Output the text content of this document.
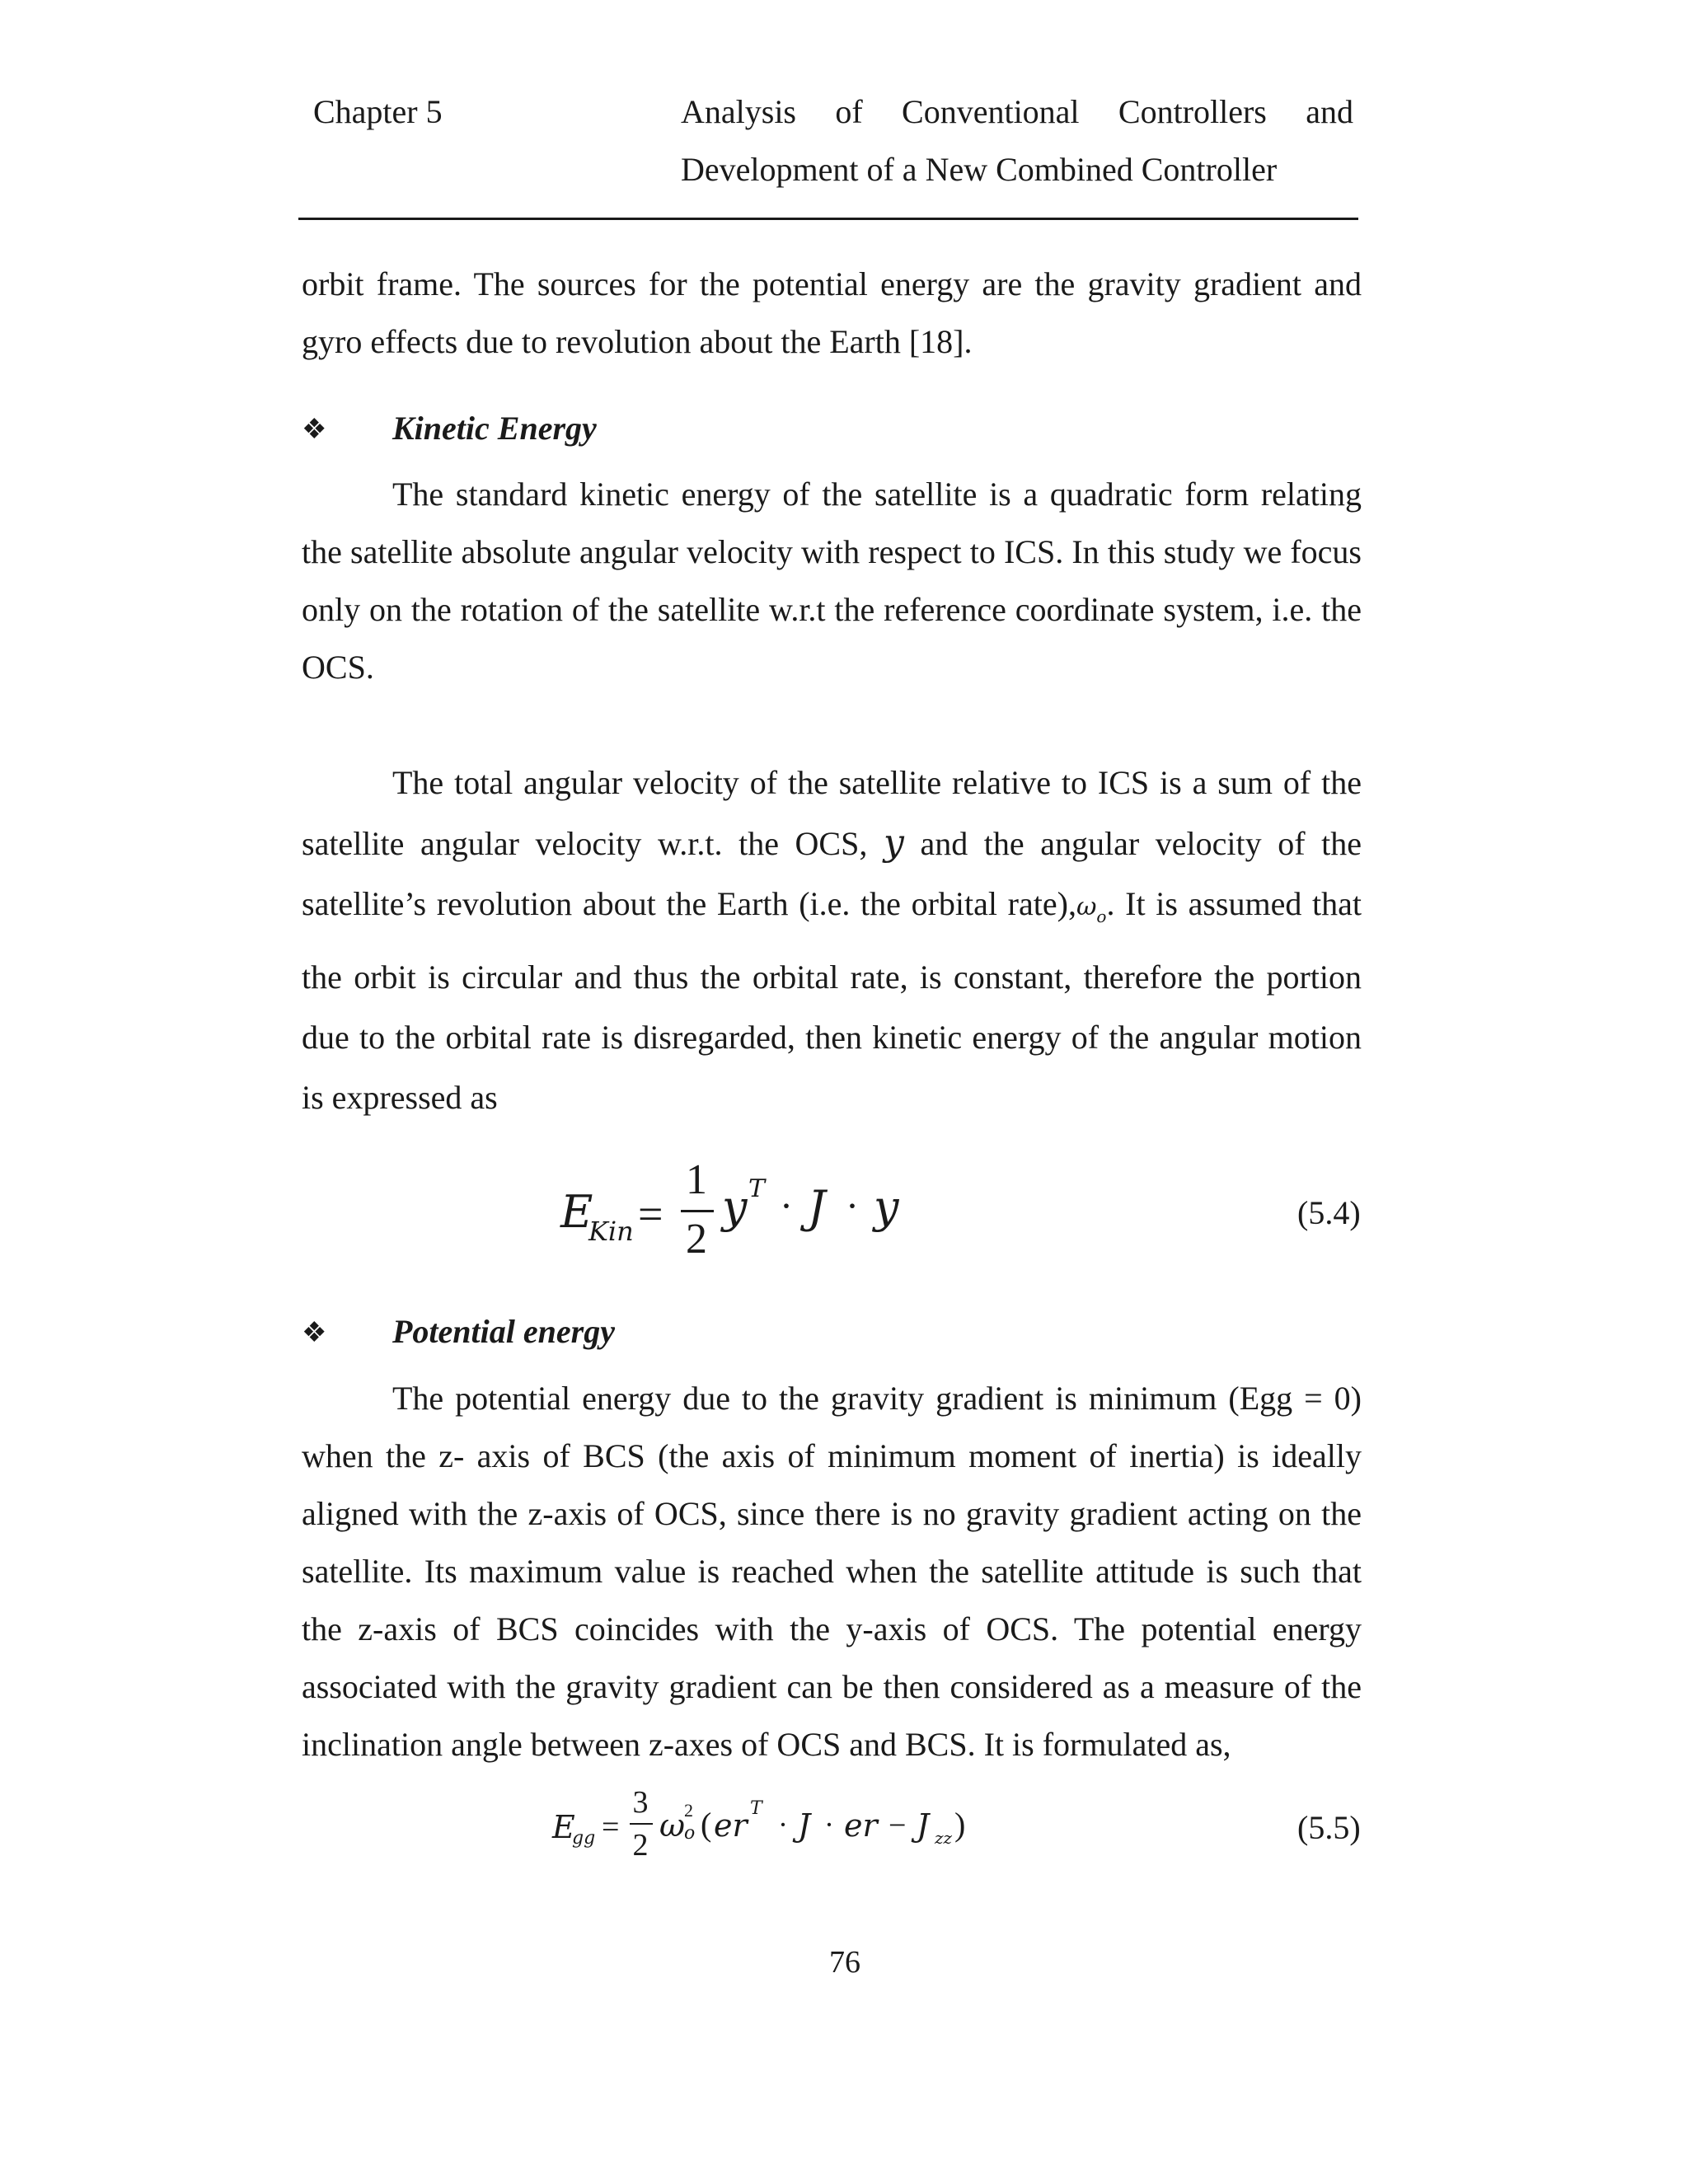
Chapter 5	Analysis of Conventional Controllers and
Development of a New Combined Controller

orbit frame. The sources for the potential energy are the gravity gradient and gyro effects due to revolution about the Earth [18].

❖ Kinetic Energy

The standard kinetic energy of the satellite is a quadratic form relating the satellite absolute angular velocity with respect to ICS. In this study we focus only on the rotation of the satellite w.r.t the reference coordinate system, i.e. the OCS.

The total angular velocity of the satellite relative to ICS is a sum of the satellite angular velocity w.r.t. the OCS, y and the angular velocity of the satellite’s revolution about the Earth (i.e. the orbital $rate),\omega_o$. It is assumed that the orbit is circular and thus the orbital rate, is constant, therefore the portion due to the orbital rate is disregarded, then kinetic energy of the angular motion is expressed as

E
Kin =
1
2
y T · J · y	(5.4)
❖ Potential energy

The potential energy due to the gravity gradient is minimum (Egg = 0) when the z- axis of BCS (the axis of minimum moment of inertia) is ideally aligned with the z-axis of OCS, since there is no gravity gradient acting on the satellite. Its maximum value is reached when the satellite attitude is such that the z-axis of BCS coincides with the y-axis of OCS. The potential energy associated with the gravity gradient can be then considered as a measure of the inclination angle between z-axes of OCS and BCS. It is formulated as,

E
gg =
3
2
ω 2
o ( er T · J · er − J zz )	(5.5)
76
